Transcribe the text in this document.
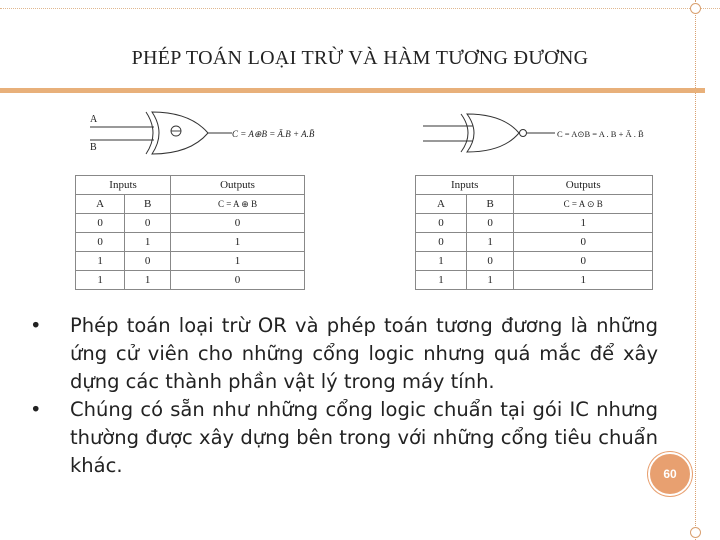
PHÉP TOÁN LOẠI TRỪ VÀ HÀM TƯƠNG ĐƯƠNG
A
B
C = A⊕B = Ā.B + A.B̄	C = A⊙B = A . B + Ā . B̄
Inputs		Outputs
A	B	C = A ⊕ B
0	0	0
0	1	1
1	0	1
1	1	0
Inputs		Outputs
A	B	C = A ⊙ B
0	0	1
0	1	0
1	0	0
1	1	1
• Phép toán loại trừ OR và phép toán tương đương là những ứng cử viên cho những cổng logic nhưng quá mắc để xây dựng các thành phần vật lý trong máy tính.
• Chúng có sẵn như những cổng logic chuẩn tại gói IC nhưng thường được xây dựng bên trong với những cổng tiêu chuẩn khác.	60
